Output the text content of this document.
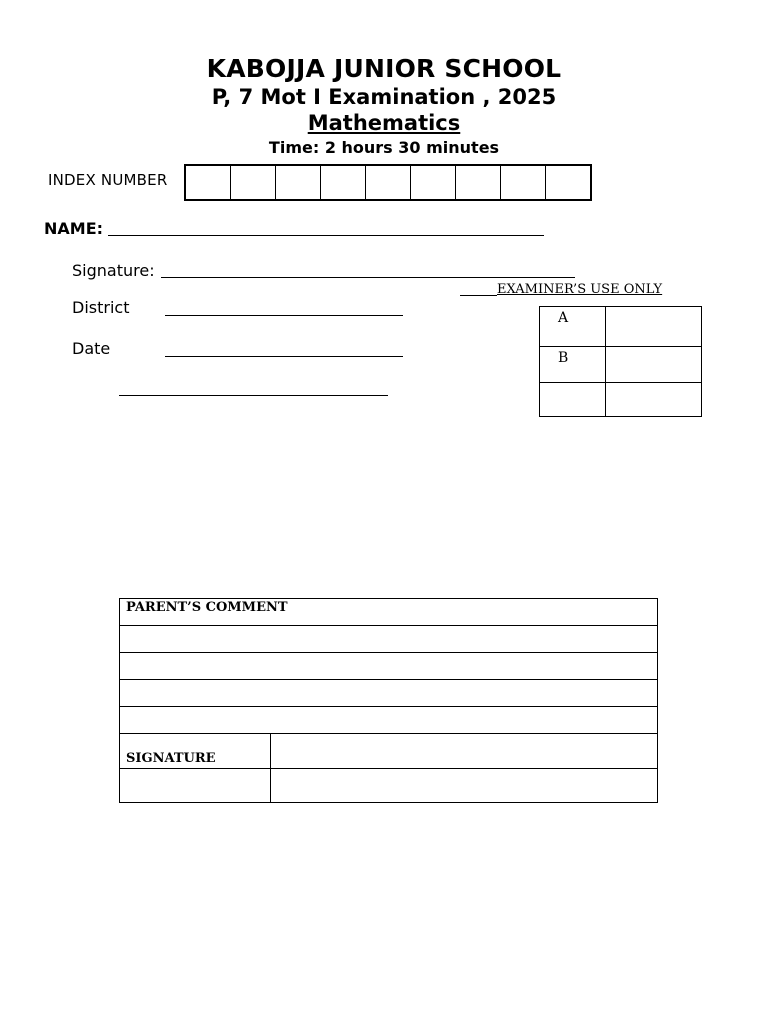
KABOJJA JUNIOR SCHOOL
P, 7 Mot I Examination , 2025
Mathematics
Time: 2 hours 30 minutes
INDEX NUMBER
NAME:
Signature:
District
Date
EXAMINER’S USE ONLY
A	
B	

PARENT’S COMMENT	

SIGNATURE	
